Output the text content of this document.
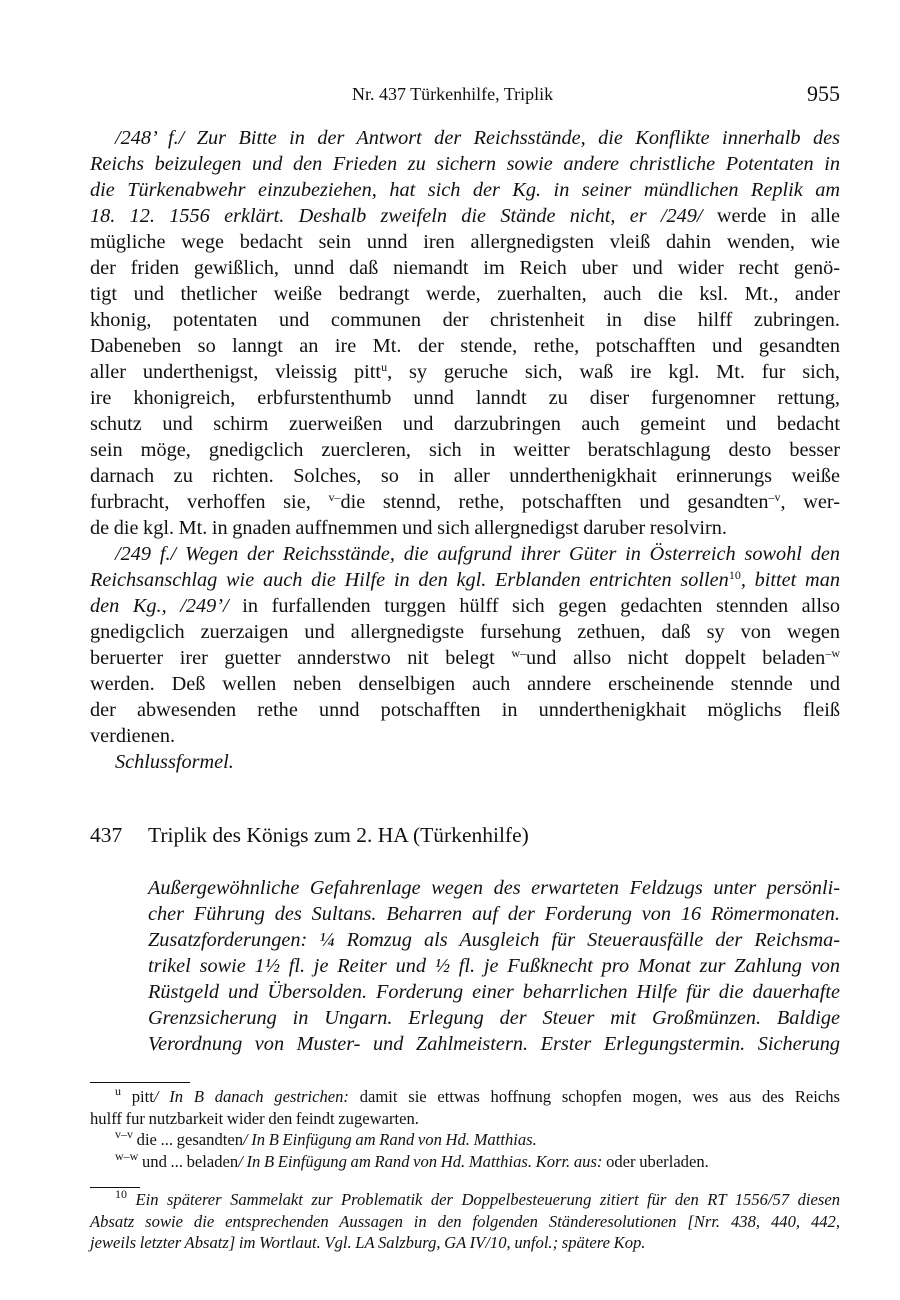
Nr. 437 Türkenhilfe, Triplik	955
/248’ f./ Zur Bitte in der Antwort der Reichsstände, die Konflikte innerhalb des
Reichs beizulegen und den Frieden zu sichern sowie andere christliche Potentaten in
die Türkenabwehr einzubeziehen, hat sich der Kg. in seiner mündlichen Replik am
18. 12. 1556 erklärt. Deshalb zweifeln die Stände nicht, er /249/ werde in alle
mügliche wege bedacht sein unnd iren allergnedigsten vleiß dahin wenden, wie
der friden gewißlich, unnd daß niemandt im Reich uber und wider recht genö-
tigt und thetlicher weiße bedrangt werde, zuerhalten, auch die ksl. Mt., ander
khonig, potentaten und communen der christenheit in dise hilff zubringen.
Dabeneben so lanngt an ire Mt. der stende, rethe, potschafften und gesandten
aller underthenigst, vleissig pitt$^u$, sy geruche sich, waß ire kgl. Mt. fur sich,
ire khonigreich, erbfurstenthumb unnd lanndt zu diser furgenomner rettung,
schutz und schirm zuerweißen und darzubringen auch gemeint und bedacht
sein möge, gnedigclich zuercleren, sich in weitter beratschlagung desto besser
darnach zu richten. Solches, so in aller unnderthenigkhait erinnerungs weiße
furbracht, verhoffen sie, $^{v-}$die stennd, rethe, potschafften und gesandten$^{-v}$, wer-
de die kgl. Mt. in gnaden auffnemmen und sich allergnedigst daruber resolvirn.
/249 f./ Wegen der Reichsstände, die aufgrund ihrer Güter in Österreich sowohl den
Reichsanschlag wie auch die Hilfe in den kgl. Erblanden entrichten sollen$^{10}$, bittet man
den Kg., /249’/ in furfallenden turggen hülff sich gegen gedachten stennden allso
gnedigclich zuerzaigen und allergnedigste fursehung zethuen, daß sy von wegen
beruerter irer guetter annderstwo nit belegt $^{w-}$und allso nicht doppelt beladen$^{-w}$
werden. Deß wellen neben denselbigen auch anndere erscheinende stennde und
der abwesenden rethe unnd potschafften in unnderthenigkhait möglichs fleiß
verdienen.
Schlussformel.
437 Triplik des Königs zum 2. HA (Türkenhilfe)
Außergewöhnliche Gefahrenlage wegen des erwarteten Feldzugs unter persönli-
cher Führung des Sultans. Beharren auf der Forderung von 16 Römermonaten.
Zusatzforderungen: ¼ Romzug als Ausgleich für Steuerausfälle der Reichsma-
trikel sowie 1½ fl. je Reiter und ½ fl. je Fußknecht pro Monat zur Zahlung von
Rüstgeld und Übersolden. Forderung einer beharrlichen Hilfe für die dauerhafte
Grenzsicherung in Ungarn. Erlegung der Steuer mit Großmünzen. Baldige
Verordnung von Muster- und Zahlmeistern. Erster Erlegungstermin. Sicherung
$^u$ pitt/ In B danach gestrichen: damit sie ettwas hoffnung schopfen mogen, wes aus des Reichs
hulff fur nutzbarkeit wider den feindt zugewarten.
$^{v-v}$ die ... gesandten/ In B Einfügung am Rand von Hd. Matthias.
$^{w-w}$ und ... beladen/ In B Einfügung am Rand von Hd. Matthias. Korr. aus: oder uberladen.
$^{10}$ Ein späterer Sammelakt zur Problematik der Doppelbesteuerung zitiert für den RT 1556/57 diesen
Absatz sowie die entsprechenden Aussagen in den folgenden Ständeresolutionen [Nrr. 438, 440, 442,
jeweils letzter Absatz] im Wortlaut. Vgl. LA Salzburg, GA IV/10, unfol.; spätere Kop.
